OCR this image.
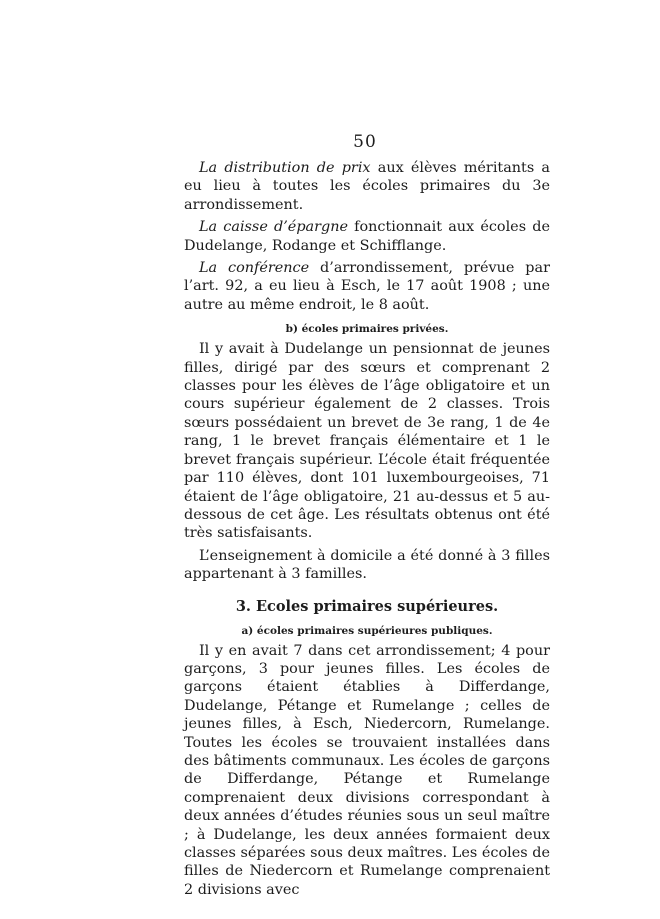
50

La distribution de prix aux élèves méritants a eu lieu à toutes les écoles primaires du 3e arrondissement.

La caisse d’épargne fonctionnait aux écoles de Dudelange, Rodange et Schifflange.

La conférence d’arrondissement, prévue par l’art. 92, a eu lieu à Esch, le 17 août 1908 ; une autre au même endroit, le 8 août.

b) écoles primaires privées.

Il y avait à Dudelange un pensionnat de jeunes filles, dirigé par des sœurs et comprenant 2 classes pour les élèves de l’âge obligatoire et un cours supérieur également de 2 classes. Trois sœurs possédaient un brevet de 3e rang, 1 de 4e rang, 1 le brevet français élémentaire et 1 le brevet français supérieur. L’école était fréquentée par 110 élèves, dont 101 luxembourgeoises, 71 étaient de l’âge obligatoire, 21 au-dessus et 5 au-dessous de cet âge. Les résultats obtenus ont été très satisfaisants.

L’enseignement à domicile a été donné à 3 filles appartenant à 3 familles.

3. Ecoles primaires supérieures.
a) écoles primaires supérieures publiques.

Il y en avait 7 dans cet arrondissement; 4 pour garçons, 3 pour jeunes filles. Les écoles de garçons étaient établies à Differdange, Dudelange, Pétange et Rumelange ; celles de jeunes filles, à Esch, Niedercorn, Rumelange. Toutes les écoles se trouvaient installées dans des bâtiments communaux. Les écoles de garçons de Differdange, Pétange et Rumelange comprenaient deux divisions correspondant à deux années d’études réunies sous un seul maître ; à Dudelange, les deux années formaient deux classes séparées sous deux maîtres. Les écoles de filles de Niedercorn et Rumelange comprenaient 2 divisions avec
